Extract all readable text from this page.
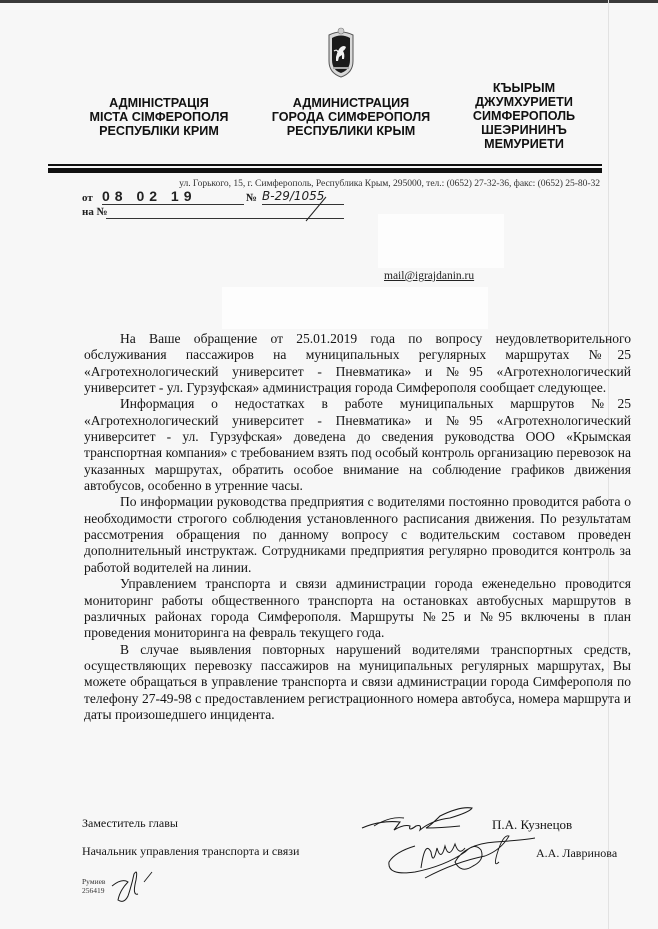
АДМІНІСТРАЦІЯ
МІСТА СІМФЕРОПОЛЯ
РЕСПУБЛІКИ КРИМ
АДМИНИСТРАЦИЯ
ГОРОДА СИМФЕРОПОЛЯ
РЕСПУБЛИКИ КРЫМ
КЪЫРЫМ
ДЖУМХУРИЕТИ
СИМФЕРОПОЛЬ
ШЕЭРИНИНЪ
МЕМУРИЕТИ
ул. Горького, 15, г. Симферополь, Республика Крым, 295000, тел.: (0652) 27-32-36, факс: (0652) 25-80-32
от 08 02 19	№ В-29/1055
на №
mail@igrajdanin.ru

На Ваше обращение от 25.01.2019 года по вопросу неудовлетворительного обслуживания пассажиров на муниципальных регулярных маршрутах №25 «Агротехнологический университет - Пневматика» и №95 «Агротехнологический университет - ул. Гурзуфская» администрация города Симферополя сообщает следующее.

Информация о недостатках в работе муниципальных маршрутов №25 «Агротехнологический университет - Пневматика» и №95 «Агротехнологический университет - ул. Гурзуфская» доведена до сведения руководства ООО «Крымская транспортная компания» с требованием взять под особый контроль организацию перевозок на указанных маршрутах, обратить особое внимание на соблюдение графиков движения автобусов, особенно в утренние часы.

По информации руководства предприятия с водителями постоянно проводится работа о необходимости строгого соблюдения установленного расписания движения. По результатам рассмотрения обращения по данному вопросу с водительским составом проведен дополнительный инструктаж. Сотрудниками предприятия регулярно проводится контроль за работой водителей на линии.

Управлением транспорта и связи администрации города еженедельно проводится мониторинг работы общественного транспорта на остановках автобусных маршрутов в различных районах города Симферополя. Маршруты №25 и №95 включены в план проведения мониторинга на февраль текущего года.

В случае выявления повторных нарушений водителями транспортных средств, осуществляющих перевозку пассажиров на муниципальных регулярных маршрутах, Вы можете обращаться в управление транспорта и связи администрации города Симферополя по телефону 27-49-98 с предоставлением регистрационного номера автобуса, номера маршрута и даты произошедшего инцидента.

Заместитель главы	П.А. Кузнецов
Начальник управления транспорта и связи	А.А. Лавринова
Румиев
256419
